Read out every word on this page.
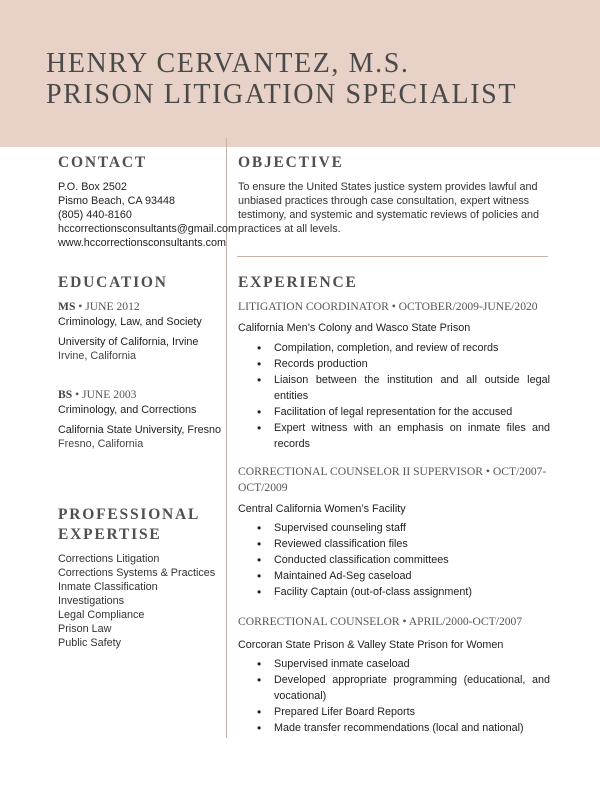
HENRY CERVANTEZ, M.S.
PRISON LITIGATION SPECIALIST
CONTACT
P.O. Box 2502
Pismo Beach, CA 93448
(805) 440-8160
hccorrectionsconsultants@gmail.com
www.hccorrectionsconsultants.com
OBJECTIVE
To ensure the United States justice system provides lawful and unbiased practices through case consultation, expert witness testimony, and systemic and systematic reviews of policies and practices at all levels.
EDUCATION
MS • JUNE 2012
Criminology, Law, and Society
University of California, Irvine
Irvine, California
BS • JUNE 2003
Criminology, and Corrections
California State University, Fresno
Fresno, California
PROFESSIONAL
EXPERTISE
Corrections Litigation
Corrections Systems & Practices
Inmate Classification
Investigations
Legal Compliance
Prison Law
Public Safety
EXPERIENCE
LITIGATION COORDINATOR • OCTOBER/2009-JUNE/2020
California Men’s Colony and Wasco State Prison
• Compilation, completion, and review of records
• Records production
• Liaison between the institution and all outside legal entities
• Facilitation of legal representation for the accused
• Expert witness with an emphasis on inmate files and records
CORRECTIONAL COUNSELOR II SUPERVISOR • OCT/2007-OCT/2009
Central California Women’s Facility
• Supervised counseling staff
• Reviewed classification files
• Conducted classification committees
• Maintained Ad-Seg caseload
• Facility Captain (out-of-class assignment)
CORRECTIONAL COUNSELOR • APRIL/2000-OCT/2007
Corcoran State Prison & Valley State Prison for Women
• Supervised inmate caseload
• Developed appropriate programming (educational, and vocational)
• Prepared Lifer Board Reports
• Made transfer recommendations (local and national)
